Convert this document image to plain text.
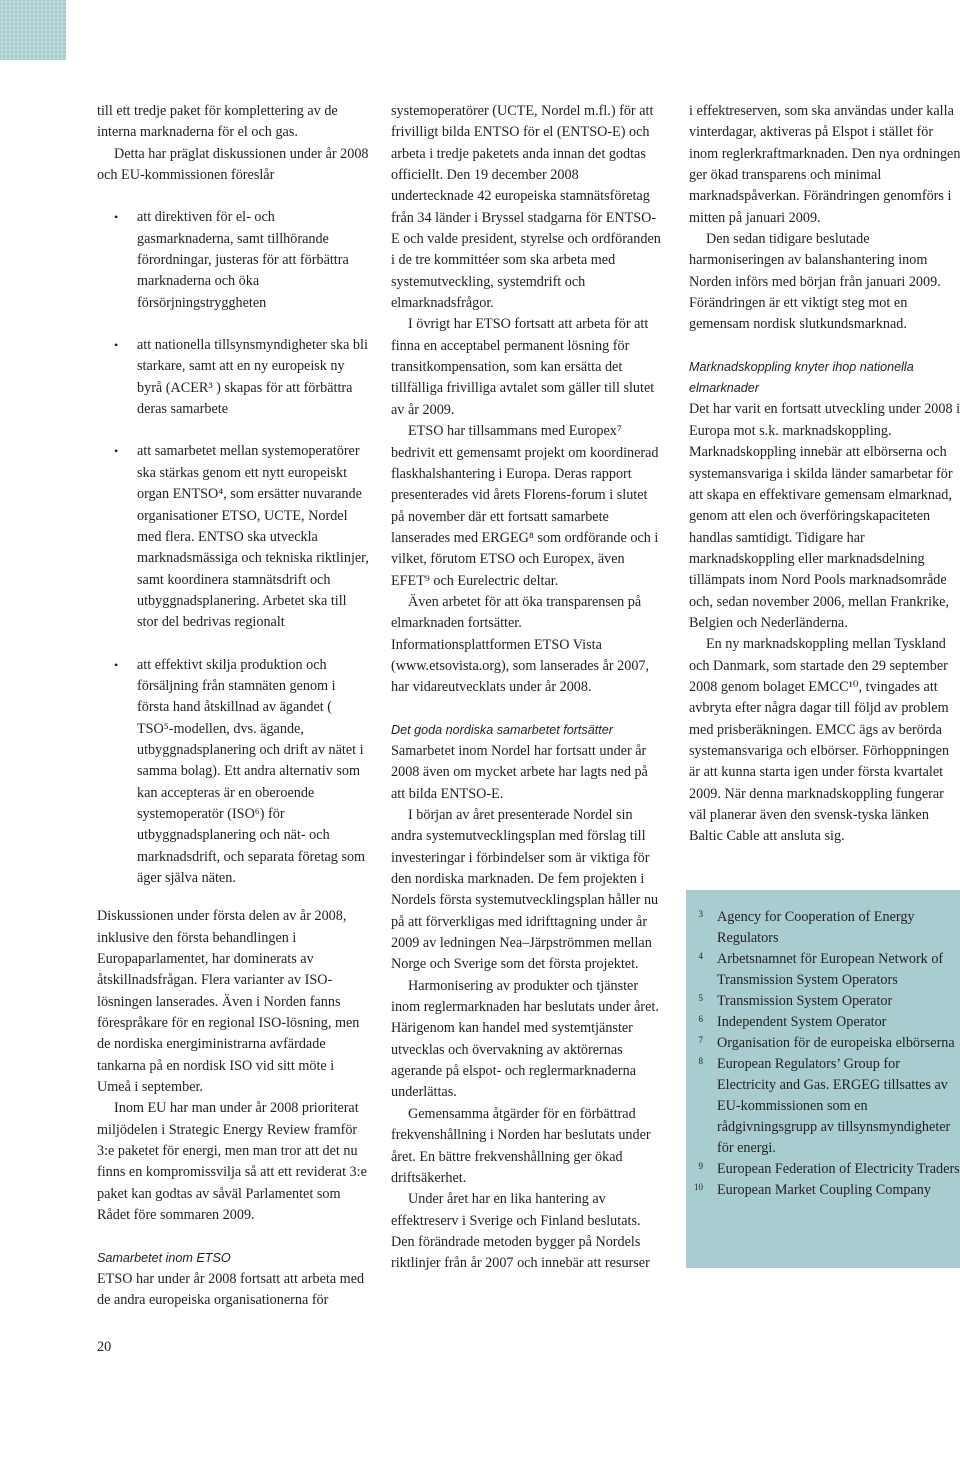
till ett tredje paket för komplettering av de interna marknaderna för el och gas.

Detta har präglat diskussionen under år 2008 och EU-kommissionen föreslår

• att direktiven för el- och gasmarknaderna, samt tillhörande förordningar, justeras för att förbättra marknaderna och öka försörjningstryggheten
• att nationella tillsynsmyndigheter ska bli starkare, samt att en ny europeisk ny byrå (ACER³ ) skapas för att förbättra deras samarbete
• att samarbetet mellan systemoperatörer ska stärkas genom ett nytt europeiskt organ ENTSO⁴, som ersätter nuvarande organisationer ETSO, UCTE, Nordel med flera. ENTSO ska utveckla marknadsmässiga och tekniska riktlinjer, samt koordinera stamnätsdrift och utbyggnadsplanering. Arbetet ska till stor del bedrivas regionalt
• att effektivt skilja produktion och försäljning från stamnäten genom i första hand åtskillnad av ägandet ( TSO⁵-modellen, dvs. ägande, utbyggnadsplanering och drift av nätet i samma bolag). Ett andra alternativ som kan accepteras är en oberoende systemoperatör (ISO⁶) för utbyggnadsplanering och nät- och marknadsdrift, och separata företag som äger själva näten.

Diskussionen under första delen av år 2008, inklusive den första behandlingen i Europaparlamentet, har dominerats av åtskillnadsfrågan. Flera varianter av ISO-lösningen lanserades. Även i Norden fanns förespråkare för en regional ISO-lösning, men de nordiska energiministrarna avfärdade tankarna på en nordisk ISO vid sitt möte i Umeå i september.

Inom EU har man under år 2008 prioriterat miljödelen i Strategic Energy Review framför 3:e paketet för energi, men man tror att det nu finns en kompromissvilja så att ett reviderat 3:e paket kan godtas av såväl Parlamentet som Rådet före sommaren 2009.

Samarbetet inom ETSO

ETSO har under år 2008 fortsatt att arbeta med de andra europeiska organisationerna för

systemoperatörer (UCTE, Nordel m.fl.) för att frivilligt bilda ENTSO för el (ENTSO-E) och arbeta i tredje paketets anda innan det godtas officiellt. Den 19 december 2008 undertecknade 42 europeiska stamnätsföretag från 34 länder i Bryssel stadgarna för ENTSO-E och valde president, styrelse och ordföranden i de tre kommittéer som ska arbeta med systemutveckling, systemdrift och elmarknadsfrågor.

I övrigt har ETSO fortsatt att arbeta för att finna en acceptabel permanent lösning för transitkompensation, som kan ersätta det tillfälliga frivilliga avtalet som gäller till slutet av år 2009.

ETSO har tillsammans med Europex⁷ bedrivit ett gemensamt projekt om koordinerad flaskhalshantering i Europa. Deras rapport presenterades vid årets Florens-forum i slutet på november där ett fortsatt samarbete lanserades med ERGEG⁸ som ordförande och i vilket, förutom ETSO och Europex, även EFET⁹ och Eurelectric deltar.

Även arbetet för att öka transparensen på elmarknaden fortsätter. Informationsplattformen ETSO Vista (www.etsovista.org), som lanserades år 2007, har vidareutvecklats under år 2008.

Det goda nordiska samarbetet fortsätter

Samarbetet inom Nordel har fortsatt under år 2008 även om mycket arbete har lagts ned på att bilda ENTSO-E.

I början av året presenterade Nordel sin andra systemutvecklingsplan med förslag till investeringar i förbindelser som är viktiga för den nordiska marknaden. De fem projekten i Nordels första systemutvecklingsplan håller nu på att förverkligas med idrifttagning under år 2009 av ledningen Nea–Järpströmmen mellan Norge och Sverige som det första projektet.

Harmonisering av produkter och tjänster inom reglermarknaden har beslutats under året. Härigenom kan handel med systemtjänster utvecklas och övervakning av aktörernas agerande på elspot- och reglermarknaderna underlättas.

Gemensamma åtgärder för en förbättrad frekvenshållning i Norden har beslutats under året. En bättre frekvenshållning ger ökad driftsäkerhet.

Under året har en lika hantering av effektreserv i Sverige och Finland beslutats. Den förändrade metoden bygger på Nordels riktlinjer från år 2007 och innebär att resurser

i effektreserven, som ska användas under kalla vinterdagar, aktiveras på Elspot i stället för inom reglerkraftmarknaden. Den nya ordningen ger ökad transparens och minimal marknadspåverkan. Förändringen genomförs i mitten på januari 2009.

Den sedan tidigare beslutade harmoniseringen av balanshantering inom Norden införs med början från januari 2009. Förändringen är ett viktigt steg mot en gemensam nordisk slutkundsmarknad.

Marknadskoppling knyter ihop nationella elmarknader

Det har varit en fortsatt utveckling under 2008 i Europa mot s.k. marknadskoppling. Marknadskoppling innebär att elbörserna och systemansvariga i skilda länder samarbetar för att skapa en effektivare gemensam elmarknad, genom att elen och överföringskapaciteten handlas samtidigt. Tidigare har marknadskoppling eller marknadsdelning tillämpats inom Nord Pools marknadsområde och, sedan november 2006, mellan Frankrike, Belgien och Nederländerna.

En ny marknadskoppling mellan Tyskland och Danmark, som startade den 29 september 2008 genom bolaget EMCC¹⁰, tvingades att avbryta efter några dagar till följd av problem med prisberäkningen. EMCC ägs av berörda systemansvariga och elbörser. Förhoppningen är att kunna starta igen under första kvartalet 2009. När denna marknadskoppling fungerar väl planerar även den svensk-tyska länken Baltic Cable att ansluta sig.

3 Agency for Cooperation of Energy Regulators
4 Arbetsnamnet för European Network of Transmission System Operators
5 Transmission System Operator
6 Independent System Operator
7 Organisation för de europeiska elbörserna
8 European Regulators’ Group for Electricity and Gas. ERGEG tillsattes av EU-kommissionen som en rådgivningsgrupp av tillsynsmyndigheter för energi.
9 European Federation of Electricity Traders
10 European Market Coupling Company
20
